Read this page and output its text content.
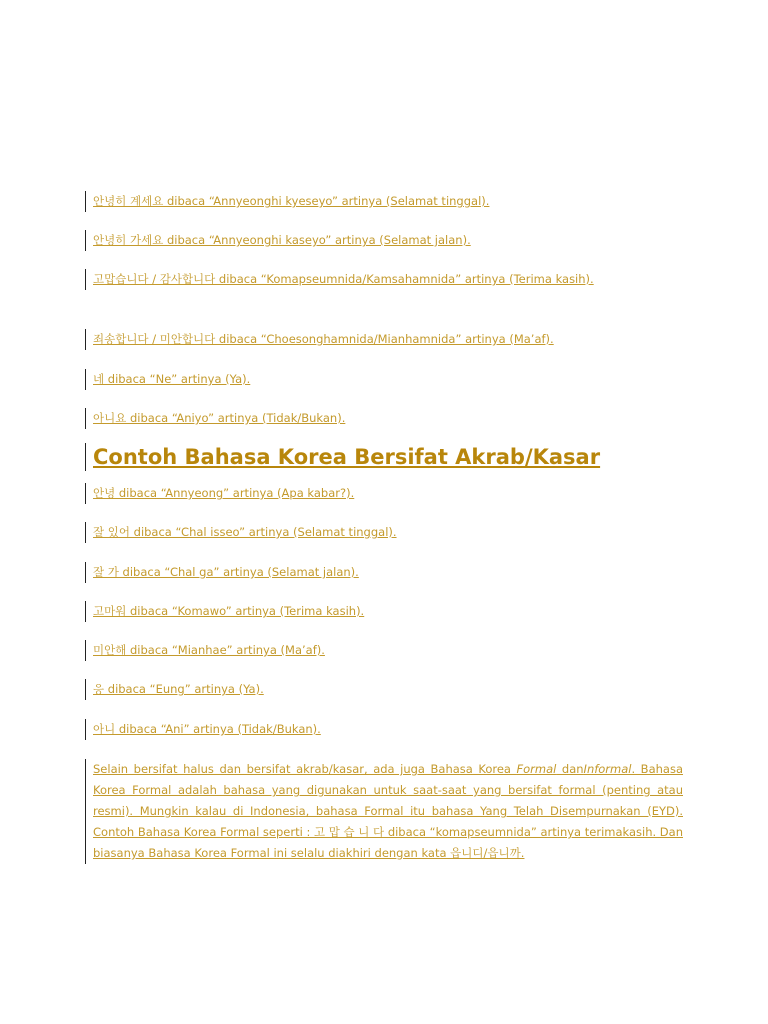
안녕히 계세요 dibaca “Annyeonghi kyeseyo” artinya (Selamat tinggal).
안녕히 가세요 dibaca “Annyeonghi kaseyo” artinya (Selamat jalan).
고맙습니다 / 감사합니다 dibaca “Komapseumnida/Kamsahamnida” artinya (Terima kasih).
죄송합니다 / 미안합니다 dibaca “Choesonghamnida/Mianhamnida” artinya (Ma’af).
네 dibaca “Ne” artinya (Ya).
아니요 dibaca “Aniyo” artinya (Tidak/Bukan).
Contoh Bahasa Korea Bersifat Akrab/Kasar
안녕 dibaca “Annyeong” artinya (Apa kabar?).
잘 있어 dibaca “Chal isseo” artinya (Selamat tinggal).
잘 가 dibaca “Chal ga” artinya (Selamat jalan).
고마워 dibaca “Komawo” artinya (Terima kasih).
미안해 dibaca “Mianhae” artinya (Ma’af).
응 dibaca “Eung” artinya (Ya).
아니 dibaca “Ani” artinya (Tidak/Bukan).
Selain bersifat halus dan bersifat akrab/kasar, ada juga Bahasa Korea Formal danInformal. Bahasa Korea Formal adalah bahasa yang digunakan untuk saat-saat yang bersifat formal (penting atau resmi). Mungkin kalau di Indonesia, bahasa Formal itu bahasa Yang Telah Disempurnakan (EYD). Contoh Bahasa Korea Formal seperti : 고 맙 습 니 다 dibaca “komapseumnida” artinya terimakasih. Dan biasanya Bahasa Korea Formal ini selalu diakhiri dengan kata 읍니디/읍니까.
